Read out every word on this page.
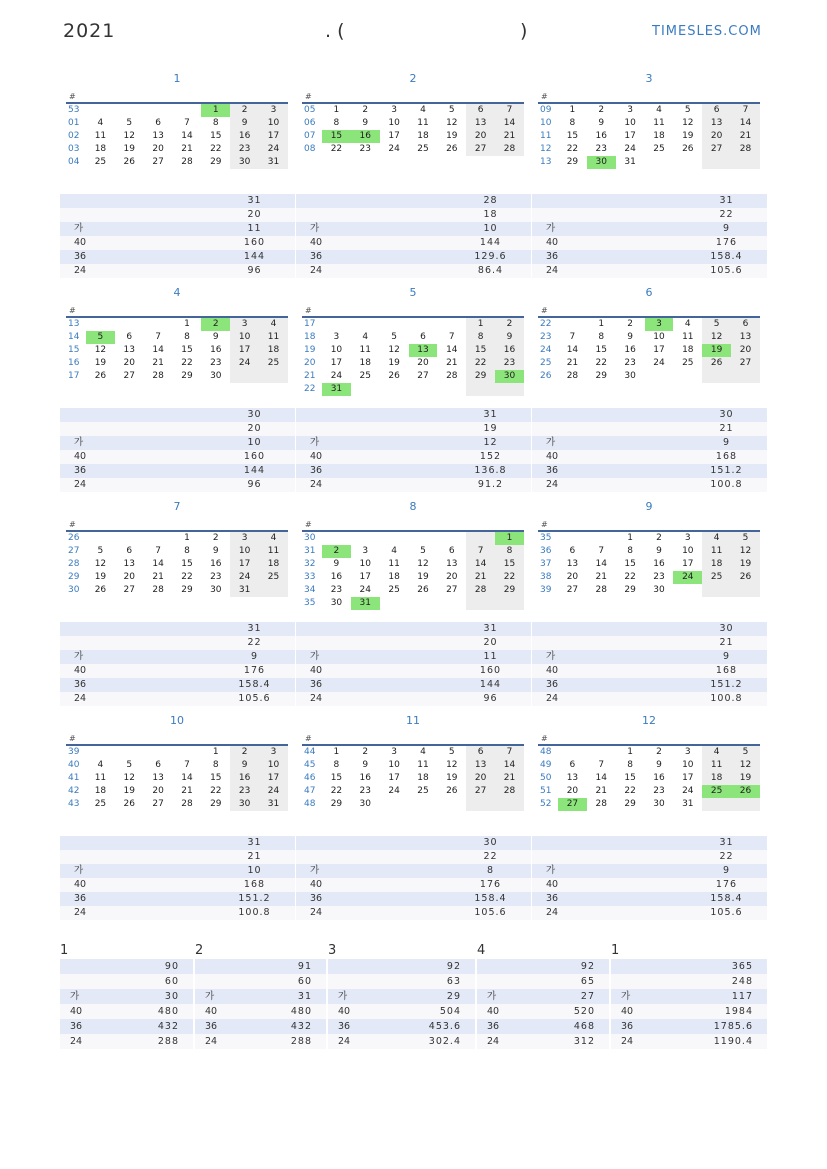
2021	. (	)	TIMESLES.COM
1
#
53					1	2	3
01	4	5	6	7	8	9	10
02	11	12	13	14	15	16	17
03	18	19	20	21	22	23	24
04	25	26	27	28	29	30	31
	31
	20
가	11
40	160
36	144
24	96
2
#
05	1	2	3	4	5	6	7
06	8	9	10	11	12	13	14
07	15	16	17	18	19	20	21
08	22	23	24	25	26	27	28
	28
	18
가	10
40	144
36	129.6
24	86.4
3
#
09	1	2	3	4	5	6	7
10	8	9	10	11	12	13	14
11	15	16	17	18	19	20	21
12	22	23	24	25	26	27	28
13	29	30	31				
	31
	22
가	9
40	176
36	158.4
24	105.6
4
#
13				1	2	3	4
14	5	6	7	8	9	10	11
15	12	13	14	15	16	17	18
16	19	20	21	22	23	24	25
17	26	27	28	29	30		
	30
	20
가	10
40	160
36	144
24	96
5
#
17						1	2
18	3	4	5	6	7	8	9
19	10	11	12	13	14	15	16
20	17	18	19	20	21	22	23
21	24	25	26	27	28	29	30
22	31						
	31
	19
가	12
40	152
36	136.8
24	91.2
6
#
22		1	2	3	4	5	6
23	7	8	9	10	11	12	13
24	14	15	16	17	18	19	20
25	21	22	23	24	25	26	27
26	28	29	30				
	30
	21
가	9
40	168
36	151.2
24	100.8
7
#
26				1	2	3	4
27	5	6	7	8	9	10	11
28	12	13	14	15	16	17	18
29	19	20	21	22	23	24	25
30	26	27	28	29	30	31	
	31
	22
가	9
40	176
36	158.4
24	105.6
8
#
30							1
31	2	3	4	5	6	7	8
32	9	10	11	12	13	14	15
33	16	17	18	19	20	21	22
34	23	24	25	26	27	28	29
35	30	31					
	31
	20
가	11
40	160
36	144
24	96
9
#
35			1	2	3	4	5
36	6	7	8	9	10	11	12
37	13	14	15	16	17	18	19
38	20	21	22	23	24	25	26
39	27	28	29	30			
	30
	21
가	9
40	168
36	151.2
24	100.8
10
#
39					1	2	3
40	4	5	6	7	8	9	10
41	11	12	13	14	15	16	17
42	18	19	20	21	22	23	24
43	25	26	27	28	29	30	31
	31
	21
가	10
40	168
36	151.2
24	100.8
11
#
44	1	2	3	4	5	6	7
45	8	9	10	11	12	13	14
46	15	16	17	18	19	20	21
47	22	23	24	25	26	27	28
48	29	30					
	30
	22
가	8
40	176
36	158.4
24	105.6
12
#
48			1	2	3	4	5
49	6	7	8	9	10	11	12
50	13	14	15	16	17	18	19
51	20	21	22	23	24	25	26
52	27	28	29	30	31		
	31
	22
가	9
40	176
36	158.4
24	105.6
1
	90
	60
가	30
40	480
36	432
24	288
2
	91
	60
가	31
40	480
36	432
24	288
3
	92
	63
가	29
40	504
36	453.6
24	302.4
4
	92
	65
가	27
40	520
36	468
24	312
1
	365
	248
가	117
40	1984
36	1785.6
24	1190.4
